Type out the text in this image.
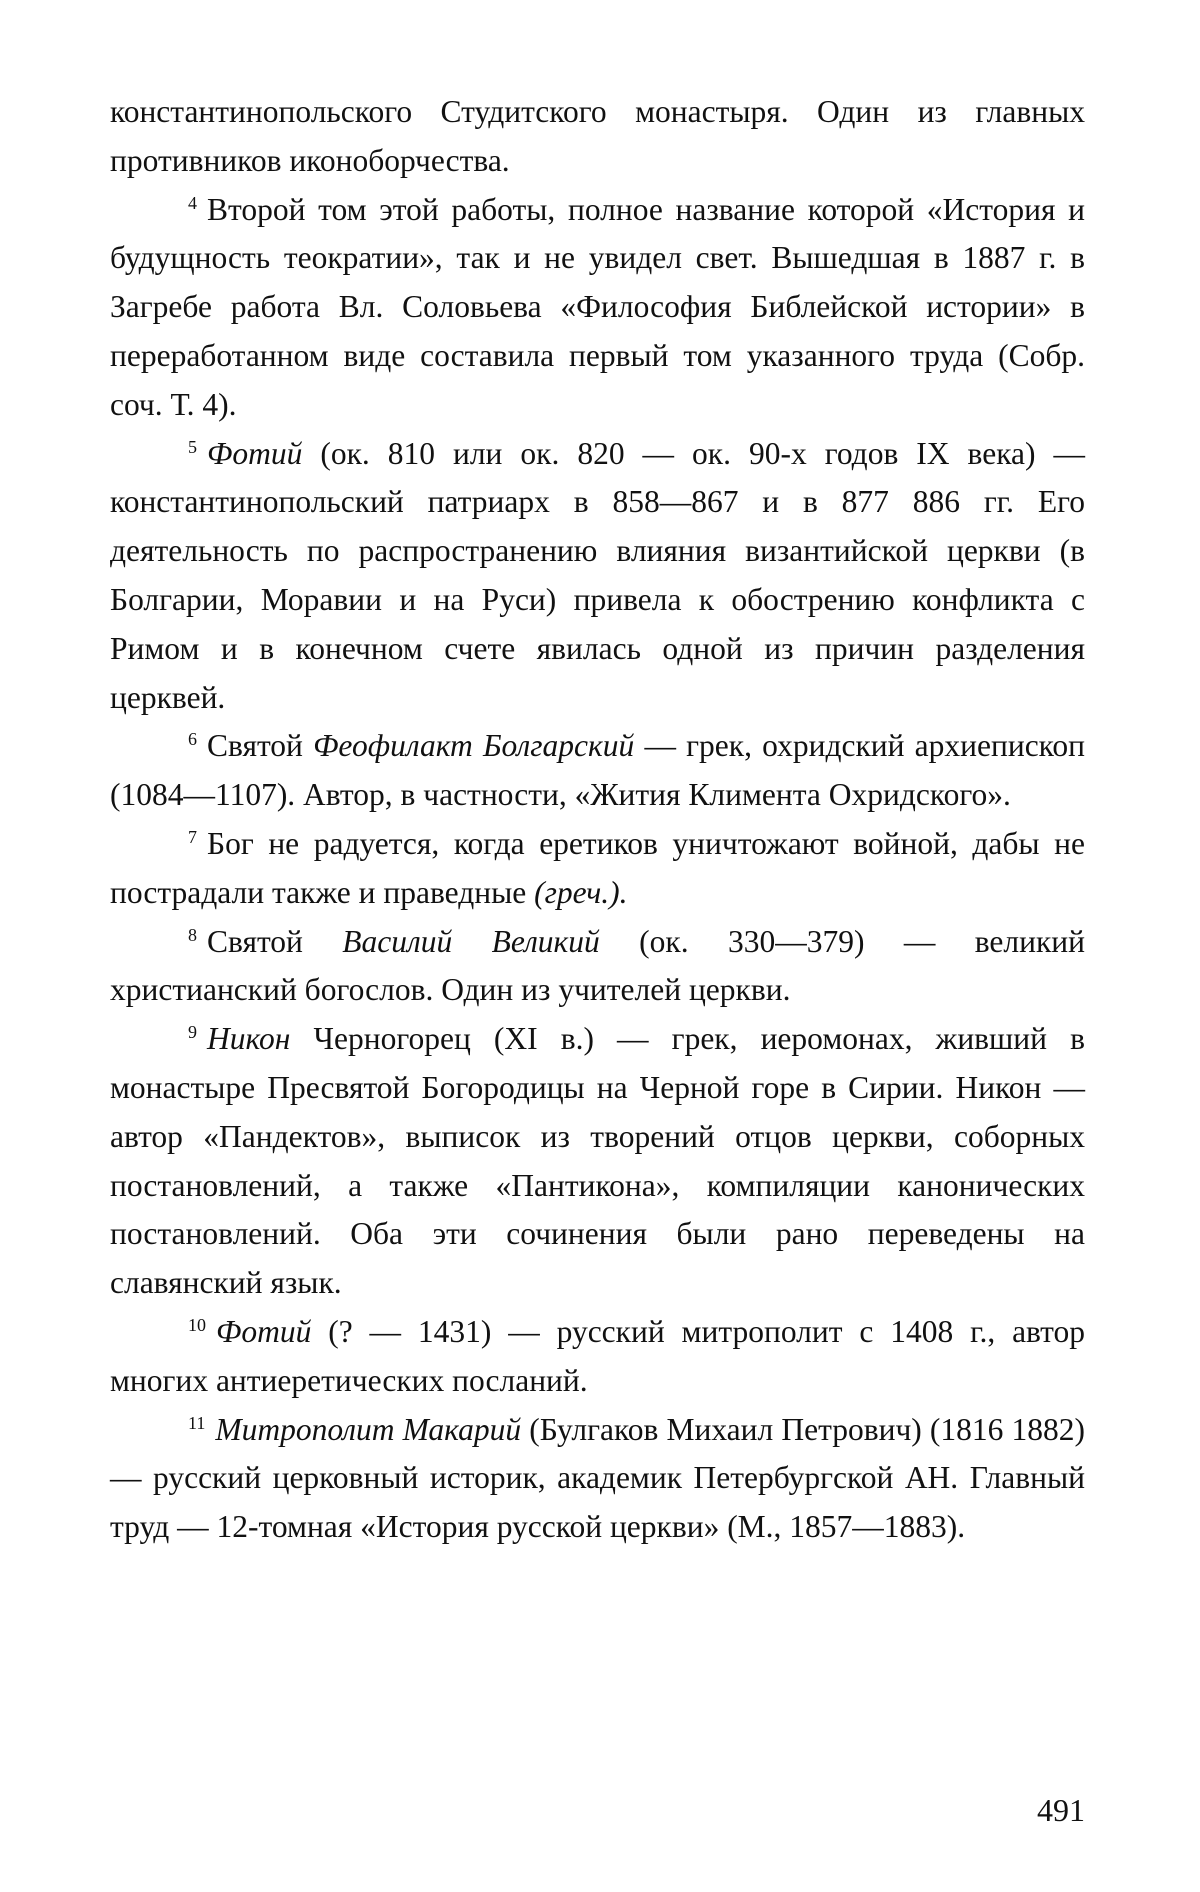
константинопольского Студитского монастыря. Один из главных противников иконоборчества.

$^4$ Второй том этой работы, полное название которой «История и будущность теократии», так и не увидел свет. Вышедшая в 1887 г. в Загребе работа Вл. Соловьева «Философия Библейской истории» в переработанном виде составила первый том указанного труда (Собр. соч. Т. 4).

$^5$ Фотий (ок. 810 или ок. 820 — ок. 90-х годов IX века) — константинопольский патриарх в 858—867 и в 877 886 гг. Его деятельность по распространению влияния византийской церкви (в Болгарии, Моравии и на Руси) привела к обострению конфликта с Римом и в конечном счете явилась одной из причин разделения церквей.

$^6$ Святой Феофилакт Болгарский — грек, охридский архиепископ (1084—1107). Автор, в частности, «Жития Климента Охридского».

$^7$ Бог не радуется, когда еретиков уничтожают войной, дабы не пострадали также и праведные (греч.).

$^8$ Святой Василий Великий (ок. 330—379) — великий христианский богослов. Один из учителей церкви.

$^9$ Никон Черногорец (XI в.) — грек, иеромонах, живший в монастыре Пресвятой Богородицы на Черной горе в Сирии. Никон — автор «Пандектов», выписок из творений отцов церкви, соборных постановлений, а также «Пантикона», компиляции канонических постановлений. Оба эти сочинения были рано переведены на славянский язык.

$^{10}$ Фотий (? — 1431) — русский митрополит с 1408 г., автор многих антиеретических посланий.

$^{11}$ Митрополит Макарий (Булгаков Михаил Петрович) (1816 1882) — русский церковный историк, академик Петербургской АН. Главный труд — 12-томная «История русской церкви» (М., 1857—1883).

491
